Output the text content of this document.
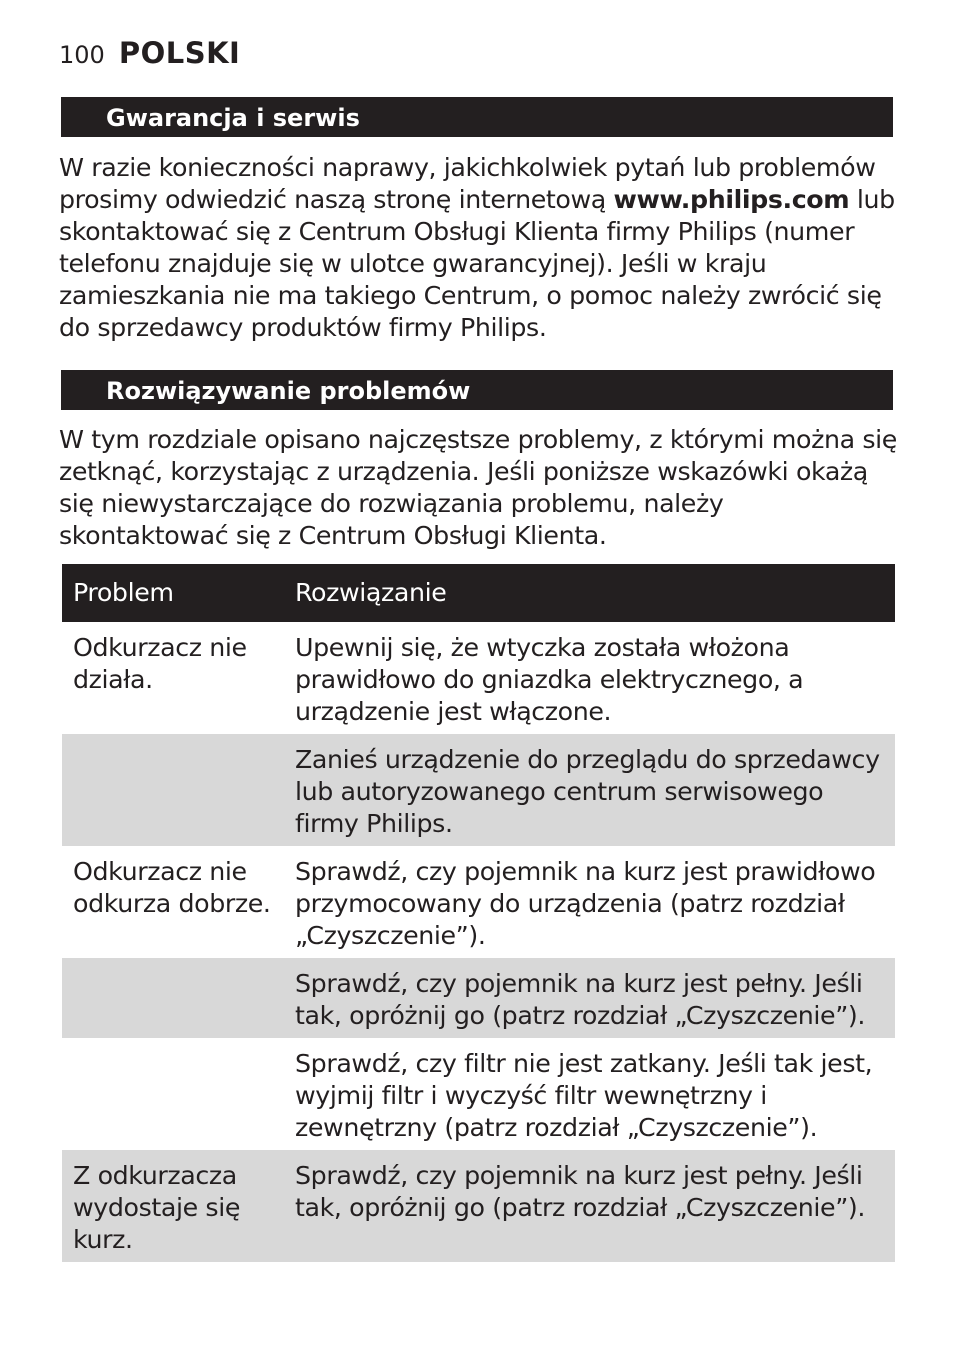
100 POLSKI
Gwarancja i serwis

W razie konieczności naprawy, jakichkolwiek pytań lub problemów prosimy odwiedzić naszą stronę internetową www.philips.com lub skontaktować się z Centrum Obsługi Klienta firmy Philips (numer telefonu znajduje się w ulotce gwarancyjnej). Jeśli w kraju zamieszkania nie ma takiego Centrum, o pomoc należy zwrócić się do sprzedawcy produktów firmy Philips.

Rozwiązywanie problemów

W tym rozdziale opisano najczęstsze problemy, z którymi można się zetknąć, korzystając z urządzenia. Jeśli poniższe wskazówki okażą się niewystarczające do rozwiązania problemu, należy skontaktować się z Centrum Obsługi Klienta.

Problem	Rozwiązanie
Odkurzacz nie działa.
Upewnij się, że wtyczka została włożona prawidłowo do gniazdka elektrycznego, a urządzenie jest włączone.
Zanieś urządzenie do przeglądu do sprzedawcy lub autoryzowanego centrum serwisowego firmy Philips.
Odkurzacz nie odkurza dobrze.
Sprawdź, czy pojemnik na kurz jest prawidłowo przymocowany do urządzenia (patrz rozdział „Czyszczenie”).
Sprawdź, czy pojemnik na kurz jest pełny. Jeśli tak, opróżnij go (patrz rozdział „Czyszczenie”).
Sprawdź, czy filtr nie jest zatkany. Jeśli tak jest, wyjmij filtr i wyczyść filtr wewnętrzny i zewnętrzny (patrz rozdział „Czyszczenie”).
Z odkurzacza wydostaje się kurz.
Sprawdź, czy pojemnik na kurz jest pełny. Jeśli tak, opróżnij go (patrz rozdział „Czyszczenie”).
